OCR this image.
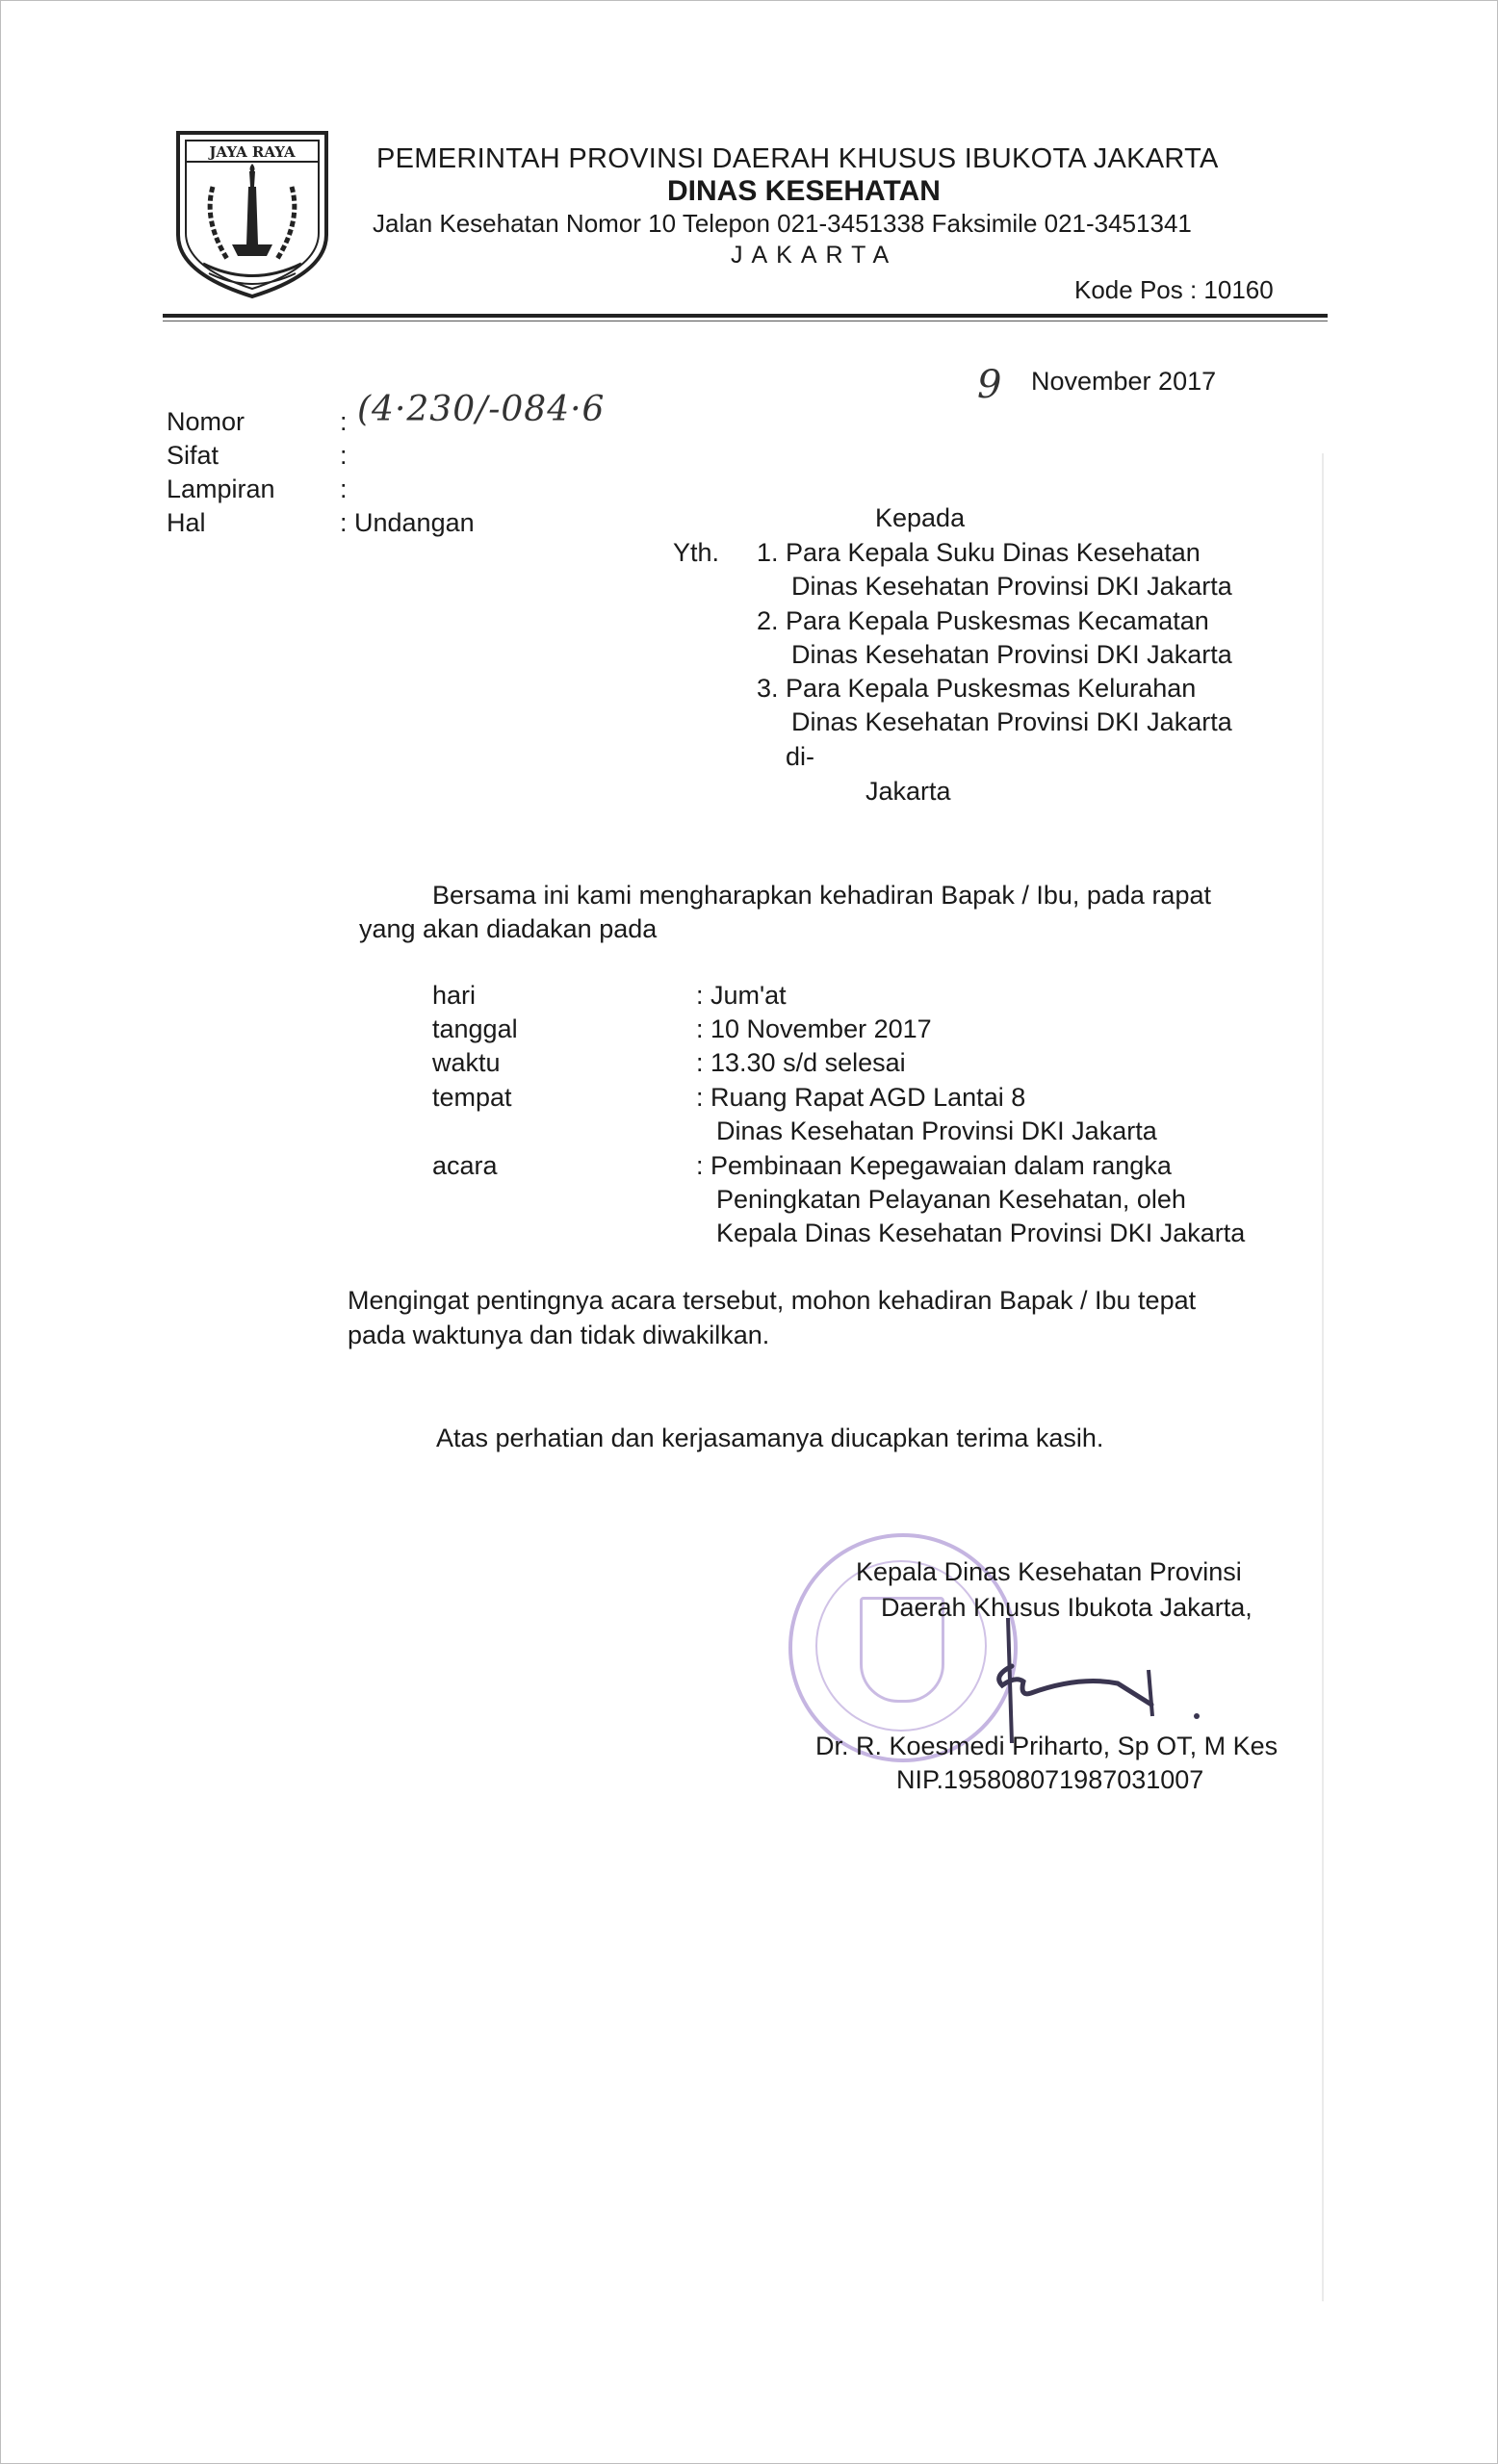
JAYA RAYA	PEMERINTAH PROVINSI DAERAH KHUSUS IBUKOTA JAKARTA
DINAS KESEHATAN
Jalan Kesehatan Nomor 10 Telepon 021-3451338 Faksimile 021-3451341
JAKARTA
Kode Pos : 10160
9 November 2017
Nomor	: (4·230/-084·6
Sifat	:
Lampiran :
Hal	: Undangan	Kepada
Yth. 1. Para Kepala Suku Dinas Kesehatan
Dinas Kesehatan Provinsi DKI Jakarta
2. Para Kepala Puskesmas Kecamatan
Dinas Kesehatan Provinsi DKI Jakarta
3. Para Kepala Puskesmas Kelurahan
Dinas Kesehatan Provinsi DKI Jakarta
di-
Jakarta
Bersama ini kami mengharapkan kehadiran Bapak / Ibu, pada rapat
yang akan diadakan pada
hari	: Jum'at
tanggal	: 10 November 2017
waktu	: 13.30 s/d selesai
tempat	: Ruang Rapat AGD Lantai 8
Dinas Kesehatan Provinsi DKI Jakarta
acara	: Pembinaan Kepegawaian dalam rangka
Peningkatan Pelayanan Kesehatan, oleh
Kepala Dinas Kesehatan Provinsi DKI Jakarta
Mengingat pentingnya acara tersebut, mohon kehadiran Bapak / Ibu tepat
pada waktunya dan tidak diwakilkan.
Atas perhatian dan kerjasamanya diucapkan terima kasih.
Kepala Dinas Kesehatan Provinsi
Daerah Khusus Ibukota Jakarta,
Dr. R. Koesmedi Priharto, Sp OT, M Kes
NIP.195808071987031007
